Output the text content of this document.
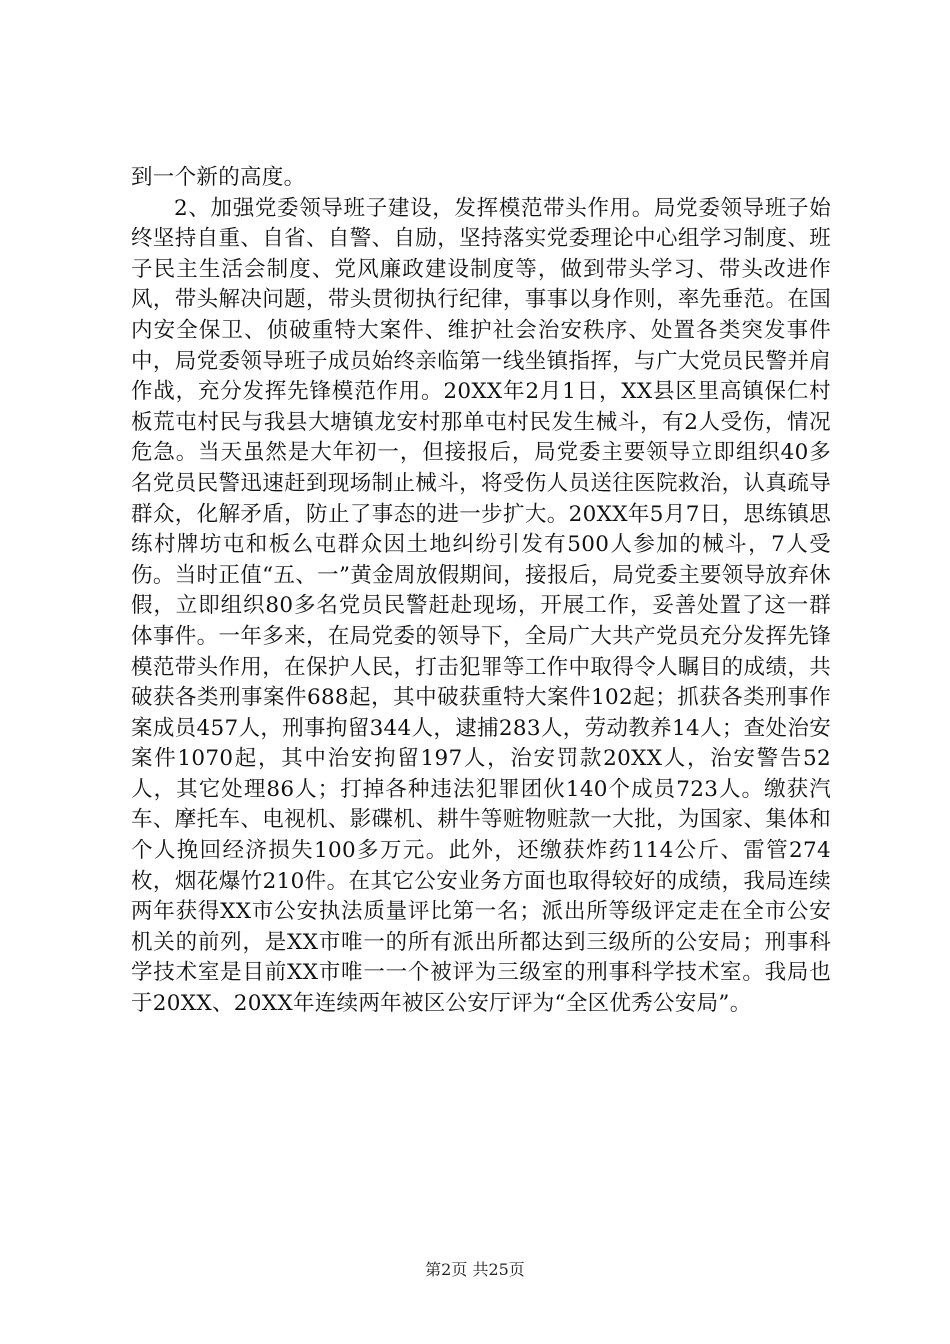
到一个新的高度。

2、加强党委领导班子建设，发挥模范带头作用。局党委领导班子始终坚持自重、自省、自警、自励，坚持落实党委理论中心组学习制度、班子民主生活会制度、党风廉政建设制度等，做到带头学习、带头改进作风，带头解决问题，带头贯彻执行纪律，事事以身作则，率先垂范。在国内安全保卫、侦破重特大案件、维护社会治安秩序、处置各类突发事件中，局党委领导班子成员始终亲临第一线坐镇指挥，与广大党员民警并肩作战，充分发挥先锋模范作用。20XX年2月1日，XX县区里高镇保仁村板荒屯村民与我县大塘镇龙安村那单屯村民发生械斗，有2人受伤，情况危急。当天虽然是大年初一，但接报后，局党委主要领导立即组织40多名党员民警迅速赶到现场制止械斗，将受伤人员送往医院救治，认真疏导群众，化解矛盾，防止了事态的进一步扩大。20XX年5月7日，思练镇思练村牌坊屯和板么屯群众因土地纠纷引发有500人参加的械斗，7人受伤。当时正值“五、一”黄金周放假期间，接报后，局党委主要领导放弃休假，立即组织80多名党员民警赶赴现场，开展工作，妥善处置了这一群体事件。一年多来，在局党委的领导下，全局广大共产党员充分发挥先锋模范带头作用，在保护人民，打击犯罪等工作中取得令人瞩目的成绩，共破获各类刑事案件688起，其中破获重特大案件102起；抓获各类刑事作案成员457人，刑事拘留344人，逮捕283人，劳动教养14人；查处治安案件1070起，其中治安拘留197人，治安罚款20XX人，治安警告52人，其它处理86人；打掉各种违法犯罪团伙140个成员723人。缴获汽车、摩托车、电视机、影碟机、耕牛等赃物赃款一大批，为国家、集体和个人挽回经济损失100多万元。此外，还缴获炸药114公斤、雷管274枚，烟花爆竹210件。在其它公安业务方面也取得较好的成绩，我局连续两年获得XX市公安执法质量评比第一名；派出所等级评定走在全市公安机关的前列，是XX市唯一的所有派出所都达到三级所的公安局；刑事科学技术室是目前XX市唯一一个被评为三级室的刑事科学技术室。我局也于20XX、20XX年连续两年被区公安厅评为“全区优秀公安局”。

第2页 共25页
